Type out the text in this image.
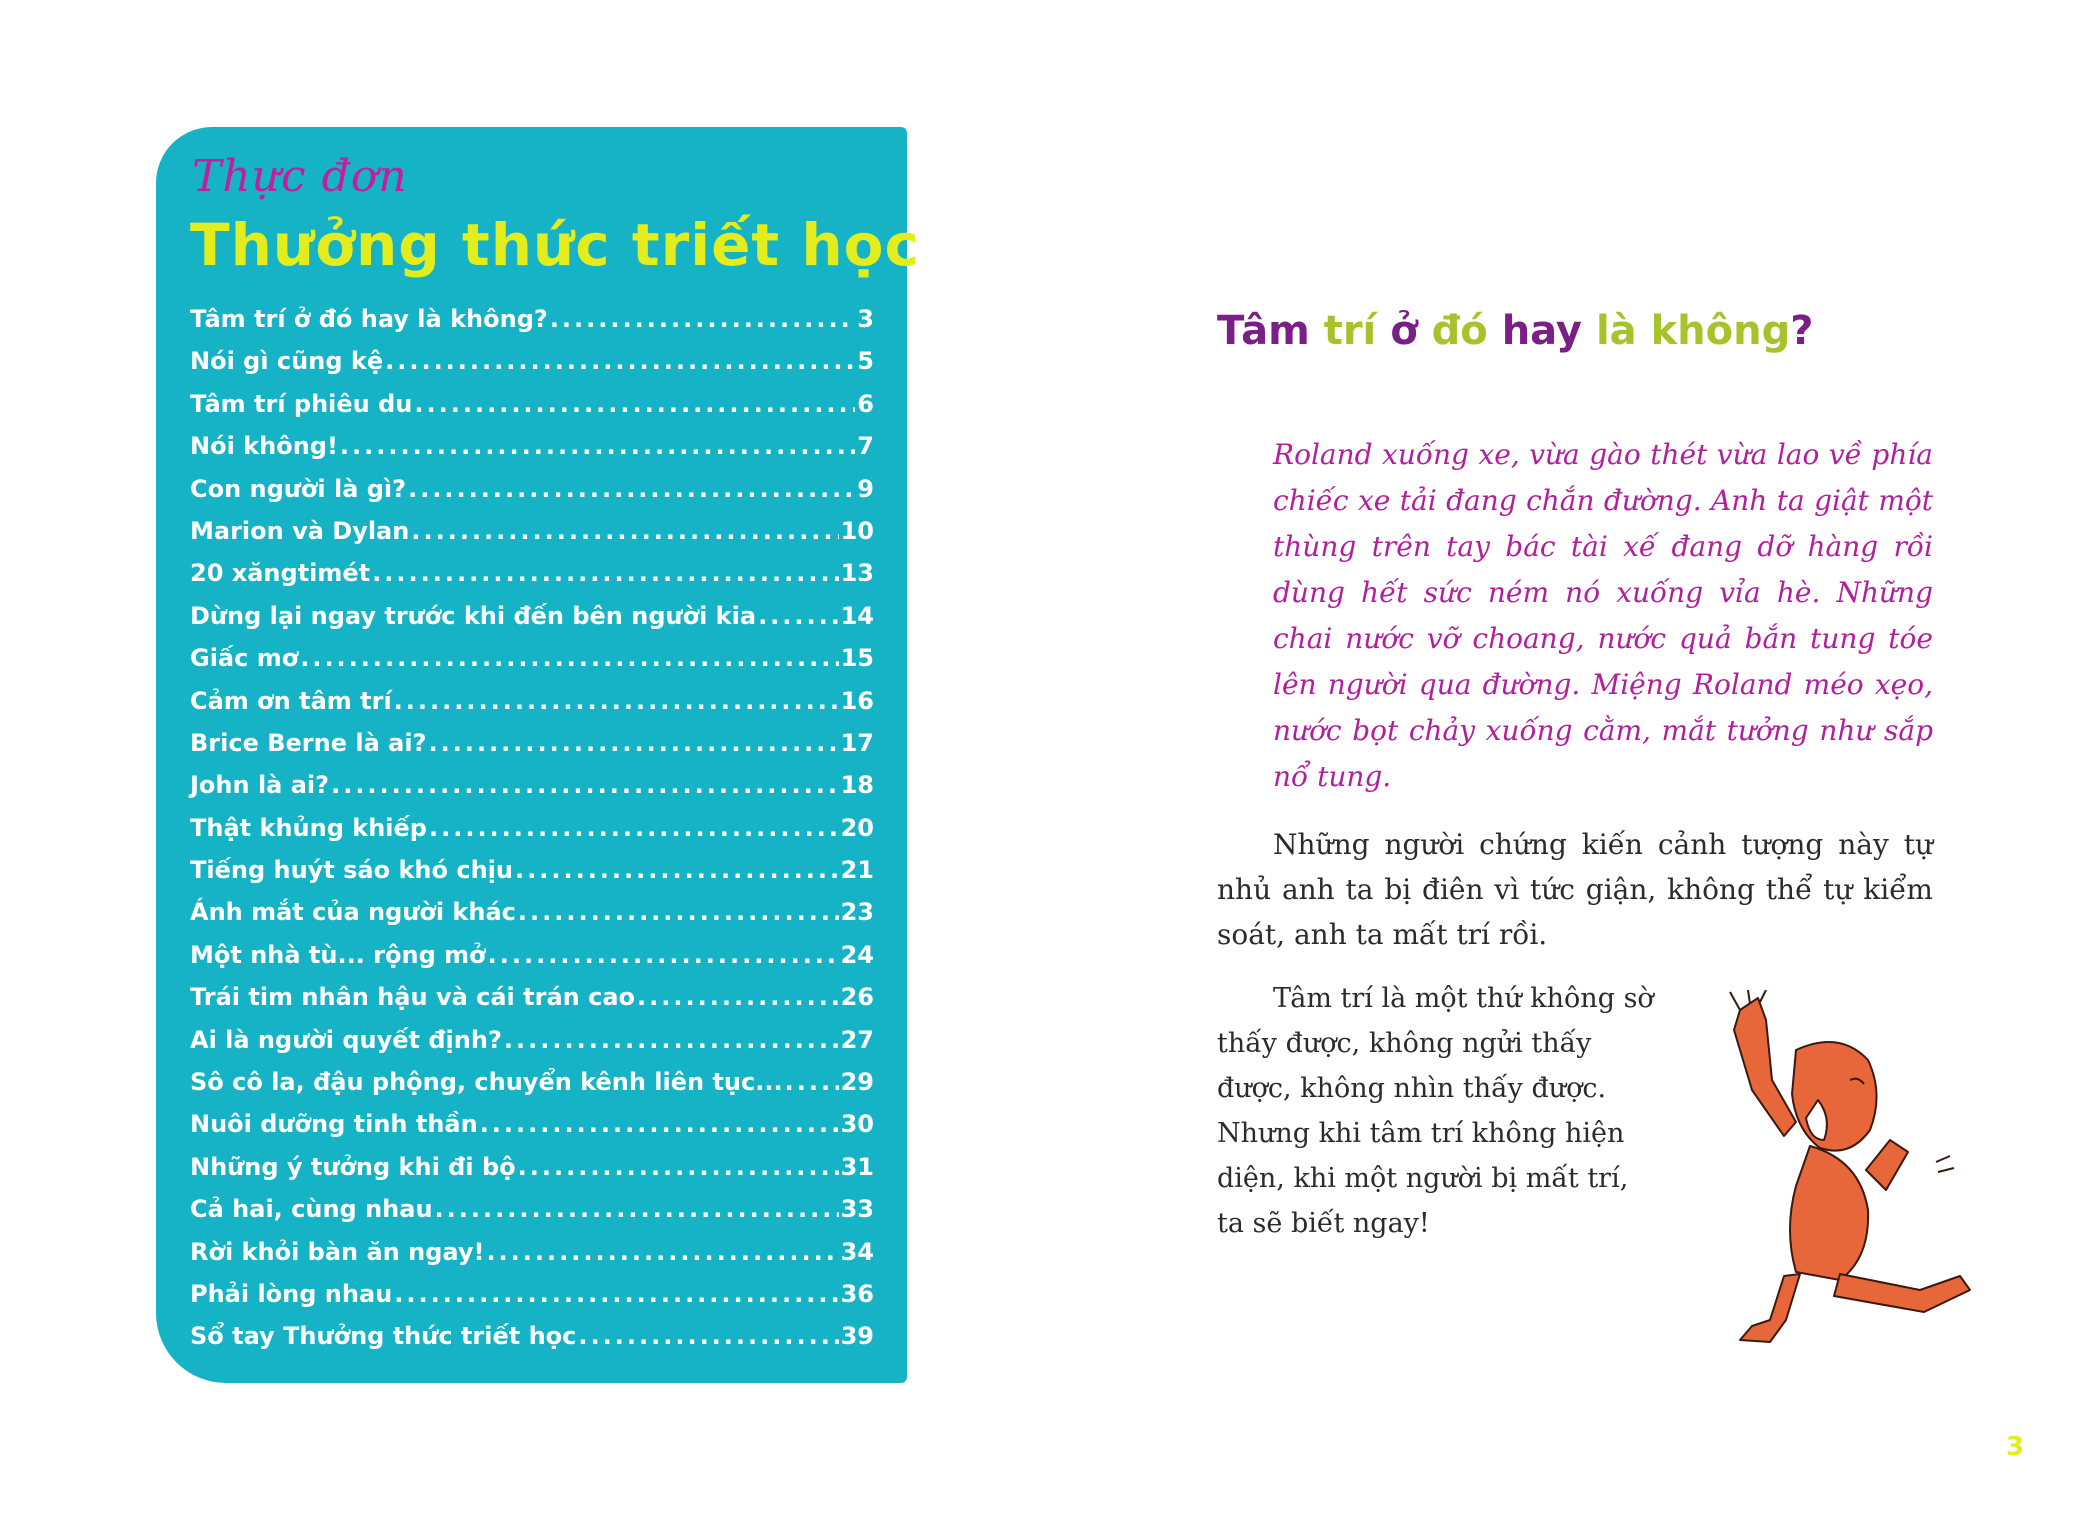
Thực đơn
Thưởng thức triết học
Tâm trí ở đó hay là không? .....	3
Nói gì cũng kệ .....	5
Tâm trí phiêu du .....	6
Nói không! .....	7
Con người là gì? .....	9
Marion và Dylan .....	10
20 xăngtimét .....	13
Dừng lại ngay trước khi đến bên người kia .....	14
Giấc mơ .....	15
Cảm ơn tâm trí .....	16
Brice Berne là ai? .....	17
John là ai? .....	18
Thật khủng khiếp .....	20
Tiếng huýt sáo khó chịu .....	21
Ánh mắt của người khác .....	23
Một nhà tù... rộng mở .....	24
Trái tim nhân hậu và cái trán cao .....	26
Ai là người quyết định? .....	27
Sô cô la, đậu phộng, chuyển kênh liên tục... ..... 29
Nuôi dưỡng tinh thần .....	30
Những ý tưởng khi đi bộ .....	31
Cả hai, cùng nhau .....	33
Rời khỏi bàn ăn ngay! .....	34
Phải lòng nhau .....	36
Sổ tay Thưởng thức triết học .....	39
Tâm trí ở đó hay là không?

Roland xuống xe, vừa gào thét vừa lao về phía chiếc xe tải đang chắn đường. Anh ta giật một thùng trên tay bác tài xế đang dỡ hàng rồi dùng hết sức ném nó xuống vỉa hè. Những chai nước vỡ choang, nước quả bắn tung tóe lên người qua đường. Miệng Roland méo xẹo, nước bọt chảy xuống cằm, mắt tưởng như sắp nổ tung.

Những người chứng kiến cảnh tượng này tự nhủ anh ta bị điên vì tức giận, không thể tự kiểm soát, anh ta mất trí rồi.

Tâm trí là một thứ không sờ thấy được, không ngửi thấy được, không nhìn thấy được. Nhưng khi tâm trí không hiện diện, khi một người bị mất trí, ta sẽ biết ngay!

3
